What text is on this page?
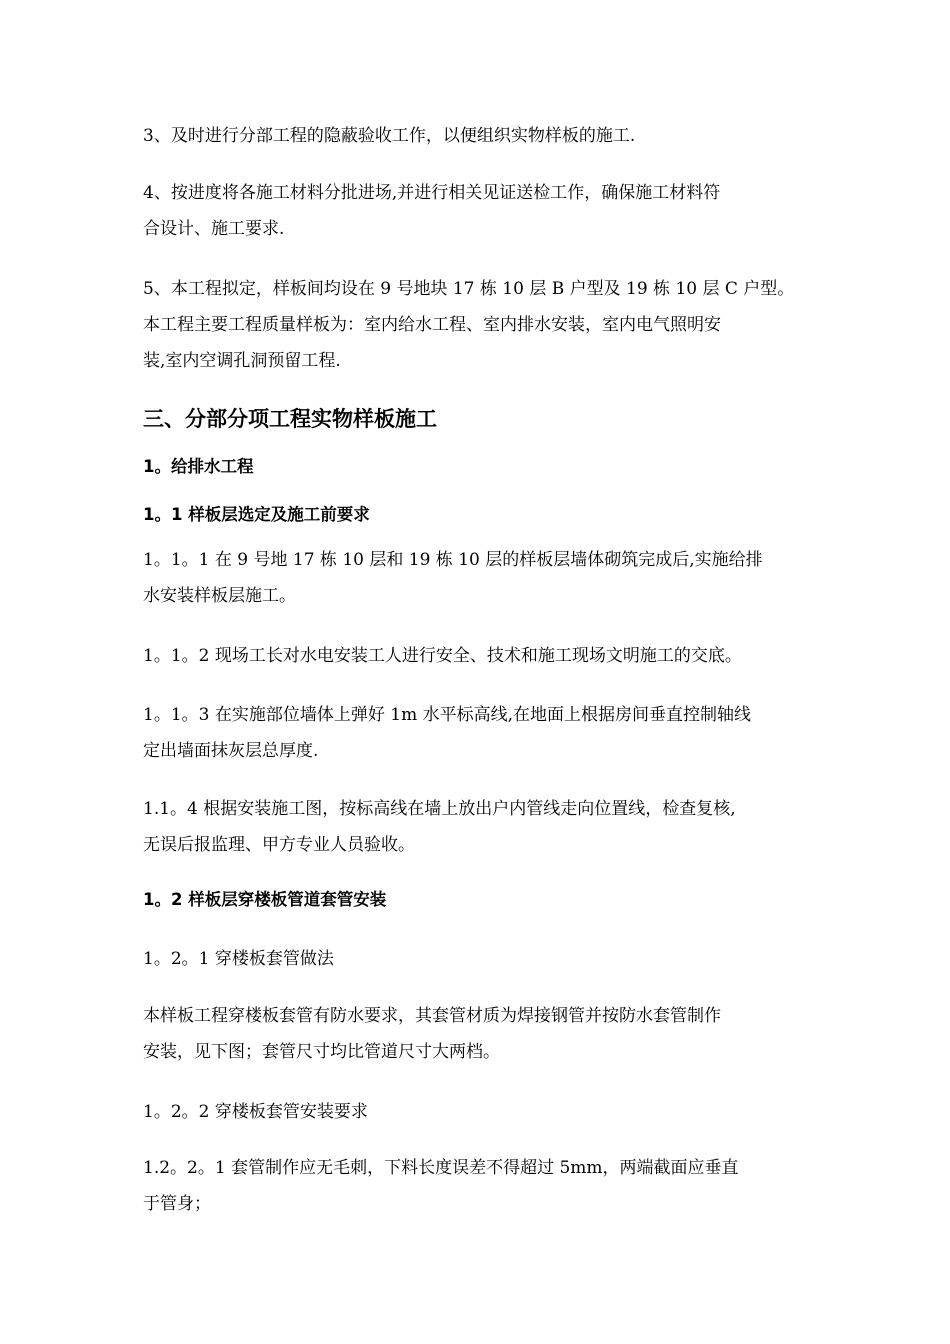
3、及时进行分部工程的隐蔽验收工作，以便组织实物样板的施工.

4、按进度将各施工材料分批进场,并进行相关见证送检工作，确保施工材料符
合设计、施工要求.

5、本工程拟定，样板间均设在 9 号地块 17 栋 10 层 B 户型及 19 栋 10 层 C 户型。
本工程主要工程质量样板为：室内给水工程、室内排水安装，室内电气照明安
装,室内空调孔洞预留工程.

三、分部分项工程实物样板施工
1。给排水工程
1。1 样板层选定及施工前要求

1。1。1 在 9 号地 17 栋 10 层和 19 栋 10 层的样板层墙体砌筑完成后,实施给排
水安装样板层施工。

1。1。2 现场工长对水电安装工人进行安全、技术和施工现场文明施工的交底。

1。1。3 在实施部位墙体上弹好 1m 水平标高线,在地面上根据房间垂直控制轴线
定出墙面抹灰层总厚度.

1.1。4 根据安装施工图，按标高线在墙上放出户内管线走向位置线，检查复核,
无误后报监理、甲方专业人员验收。

1。2 样板层穿楼板管道套管安装

1。2。1 穿楼板套管做法

本样板工程穿楼板套管有防水要求，其套管材质为焊接钢管并按防水套管制作
安装，见下图；套管尺寸均比管道尺寸大两档。

1。2。2 穿楼板套管安装要求

1.2。2。1 套管制作应无毛刺，下料长度误差不得超过 5mm，两端截面应垂直
于管身；
